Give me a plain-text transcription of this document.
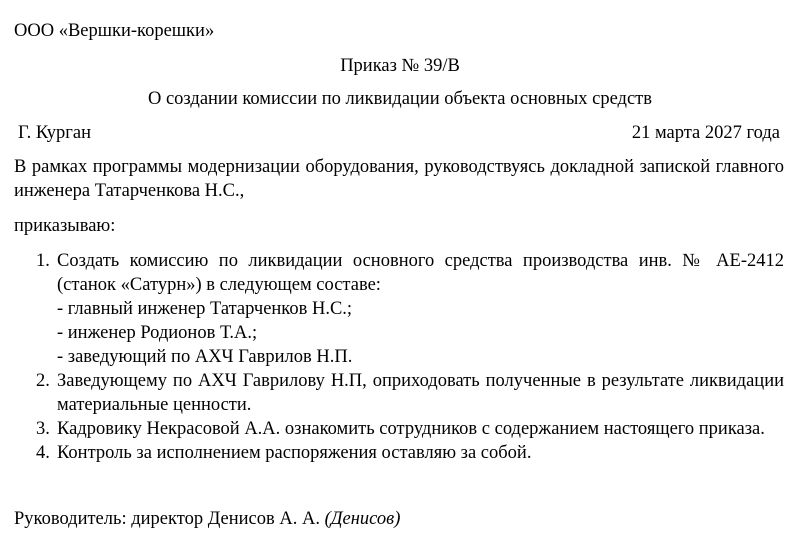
ООО «Вершки-корешки»
Приказ № 39/В
О создании комиссии по ликвидации объекта основных средств
Г. Курган	21 марта 2027 года
В рамках программы модернизации оборудования, руководствуясь докладной запиской главного инженера Татарченкова Н.С.,
приказываю:
1. Создать комиссию по ликвидации основного средства производства инв. № АЕ-2412 (станок «Сатурн») в следующем составе:
- главный инженер Татарченков Н.С.;
- инженер Родионов Т.А.;
- заведующий по АХЧ Гаврилов Н.П.
2. Заведующему по АХЧ Гаврилову Н.П, оприходовать полученные в результате ликвидации материальные ценности.
3. Кадровику Некрасовой А.А. ознакомить сотрудников с содержанием настоящего приказа.
4. Контроль за исполнением распоряжения оставляю за собой.
Руководитель: директор Денисов А. А. (Денисов)
